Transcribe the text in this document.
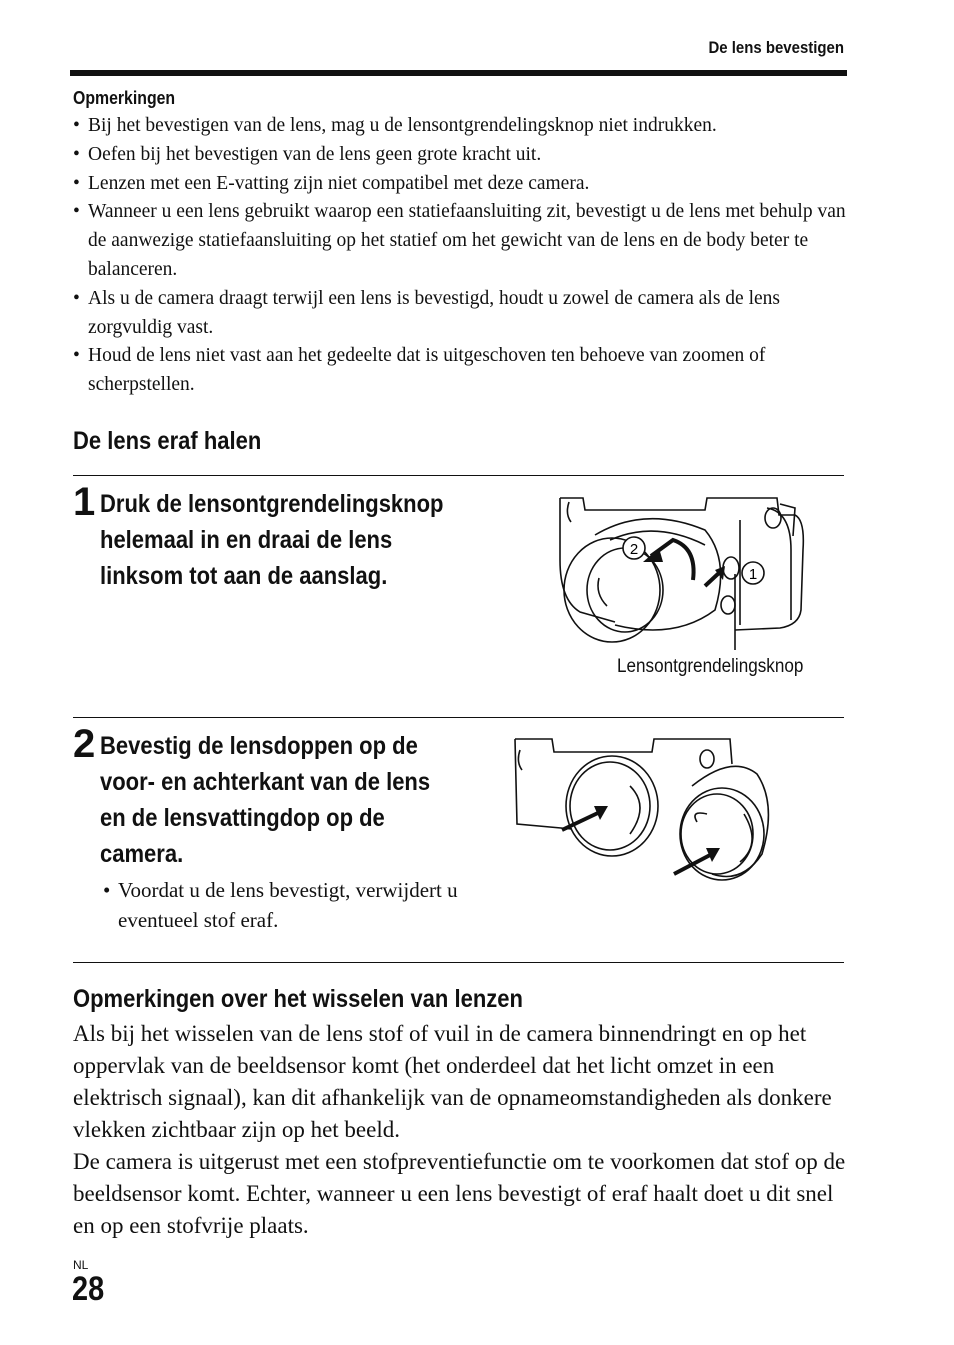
De lens bevestigen
Opmerkingen
• Bij het bevestigen van de lens, mag u de lensontgrendelingsknop niet indrukken.
• Oefen bij het bevestigen van de lens geen grote kracht uit.
• Lenzen met een E-vatting zijn niet compatibel met deze camera.
• Wanneer u een lens gebruikt waarop een statiefaansluiting zit, bevestigt u de lens met behulp van de aanwezige statiefaansluiting op het statief om het gewicht van de lens en de body beter te balanceren.
• Als u de camera draagt terwijl een lens is bevestigd, houdt u zowel de camera als de lens zorgvuldig vast.
• Houd de lens niet vast aan het gedeelte dat is uitgeschoven ten behoeve van zoomen of scherpstellen.
De lens eraf halen
1 Druk de lensontgrendelingsknop
helemaal in en draai de lens
linksom tot aan de aanslag.
2
1
Lensontgrendelingsknop
2 Bevestig de lensdoppen op de
voor- en achterkant van de lens
en de lensvattingdop op de
camera.
• Voordat u de lens bevestigt, verwijdert u eventueel stof eraf.
Opmerkingen over het wisselen van lenzen
Als bij het wisselen van de lens stof of vuil in de camera binnendringt en op het oppervlak van de beeldsensor komt (het onderdeel dat het licht omzet in een elektrisch signaal), kan dit afhankelijk van de opnameomstandigheden als donkere vlekken zichtbaar zijn op het beeld.
De camera is uitgerust met een stofpreventiefunctie om te voorkomen dat stof op de beeldsensor komt. Echter, wanneer u een lens bevestigt of eraf haalt doet u dit snel en op een stofvrije plaats.
NL
28
